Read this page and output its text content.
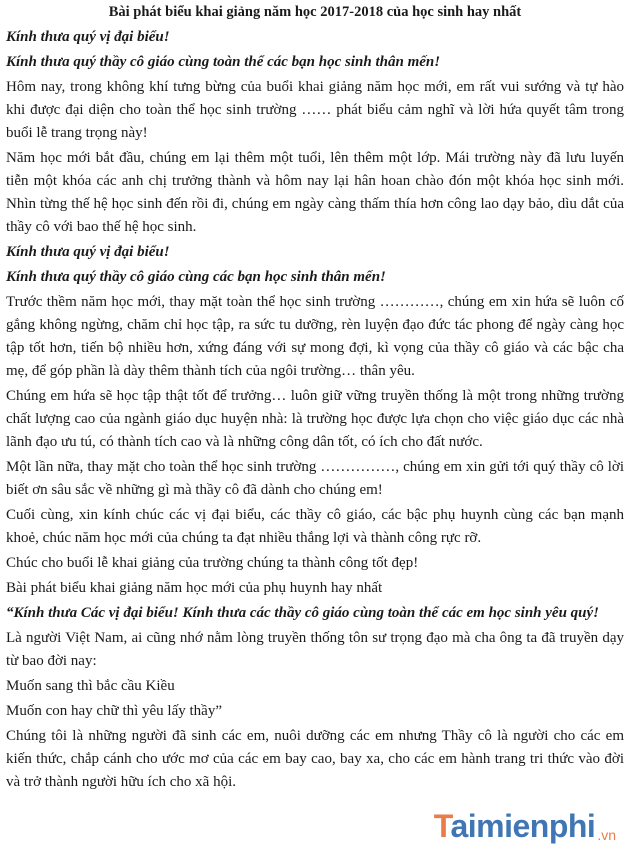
Bài phát biểu khai giảng năm học 2017-2018 của học sinh hay nhất

Kính thưa quý vị đại biểu!

Kính thưa quý thầy cô giáo cùng toàn thể các bạn học sinh thân mến!

Hôm nay, trong không khí tưng bừng của buổi khai giảng năm học mới, em rất vui sướng và tự hào khi được đại diện cho toàn thể học sinh trường …… phát biểu cảm nghĩ và lời hứa quyết tâm trong buổi lễ trang trọng này!

Năm học mới bắt đầu, chúng em lại thêm một tuổi, lên thêm một lớp. Mái trường này đã lưu luyến tiễn một khóa các anh chị trưởng thành và hôm nay lại hân hoan chào đón một khóa học sinh mới. Nhìn từng thế hệ học sinh đến rồi đi, chúng em ngày càng thấm thía hơn công lao dạy bảo, dìu dắt của thầy cô với bao thế hệ học sinh.

Kính thưa quý vị đại biểu!

Kính thưa quý thầy cô giáo cùng các bạn học sinh thân mến!

Trước thềm năm học mới, thay mặt toàn thể học sinh trường …………, chúng em xin hứa sẽ luôn cố gắng không ngừng, chăm chỉ học tập, ra sức tu dưỡng, rèn luyện đạo đức tác phong để ngày càng học tập tốt hơn, tiến bộ nhiều hơn, xứng đáng với sự mong đợi, kì vọng của thầy cô giáo và các bậc cha mẹ, để góp phần là dày thêm thành tích của ngôi trường… thân yêu.

Chúng em hứa sẽ học tập thật tốt để trưởng… luôn giữ vững truyền thống là một trong những trường chất lượng cao của ngành giáo dục huyện nhà: là trường học được lựa chọn cho việc giáo dục các nhà lãnh đạo ưu tú, có thành tích cao và là những công dân tốt, có ích cho đất nước.

Một lần nữa, thay mặt cho toàn thể học sinh trường ……………, chúng em xin gửi tới quý thầy cô lời biết ơn sâu sắc về những gì mà thầy cô đã dành cho chúng em!

Cuối cùng, xin kính chúc các vị đại biểu, các thầy cô giáo, các bậc phụ huynh cùng các bạn mạnh khoẻ, chúc năm học mới của chúng ta đạt nhiều thắng lợi và thành công rực rỡ.

Chúc cho buổi lễ khai giảng của trường chúng ta thành công tốt đẹp!

Bài phát biểu khai giảng năm học mới của phụ huynh hay nhất

“Kính thưa Các vị đại biểu! Kính thưa các thầy cô giáo cùng toàn thể các em học sinh yêu quý!

Là người Việt Nam, ai cũng nhớ nằm lòng truyền thống tôn sư trọng đạo mà cha ông ta đã truyền dạy từ bao đời nay:

Muốn sang thì bắc cầu Kiều

Muốn con hay chữ thì yêu lấy thầy”

Chúng tôi là những người đã sinh các em, nuôi dưỡng các em nhưng Thầy cô là người cho các em kiến thức, chắp cánh cho ước mơ của các em bay cao, bay xa, cho các em hành trang tri thức vào đời và trở thành người hữu ích cho xã hội.

Taimienphi .vn
